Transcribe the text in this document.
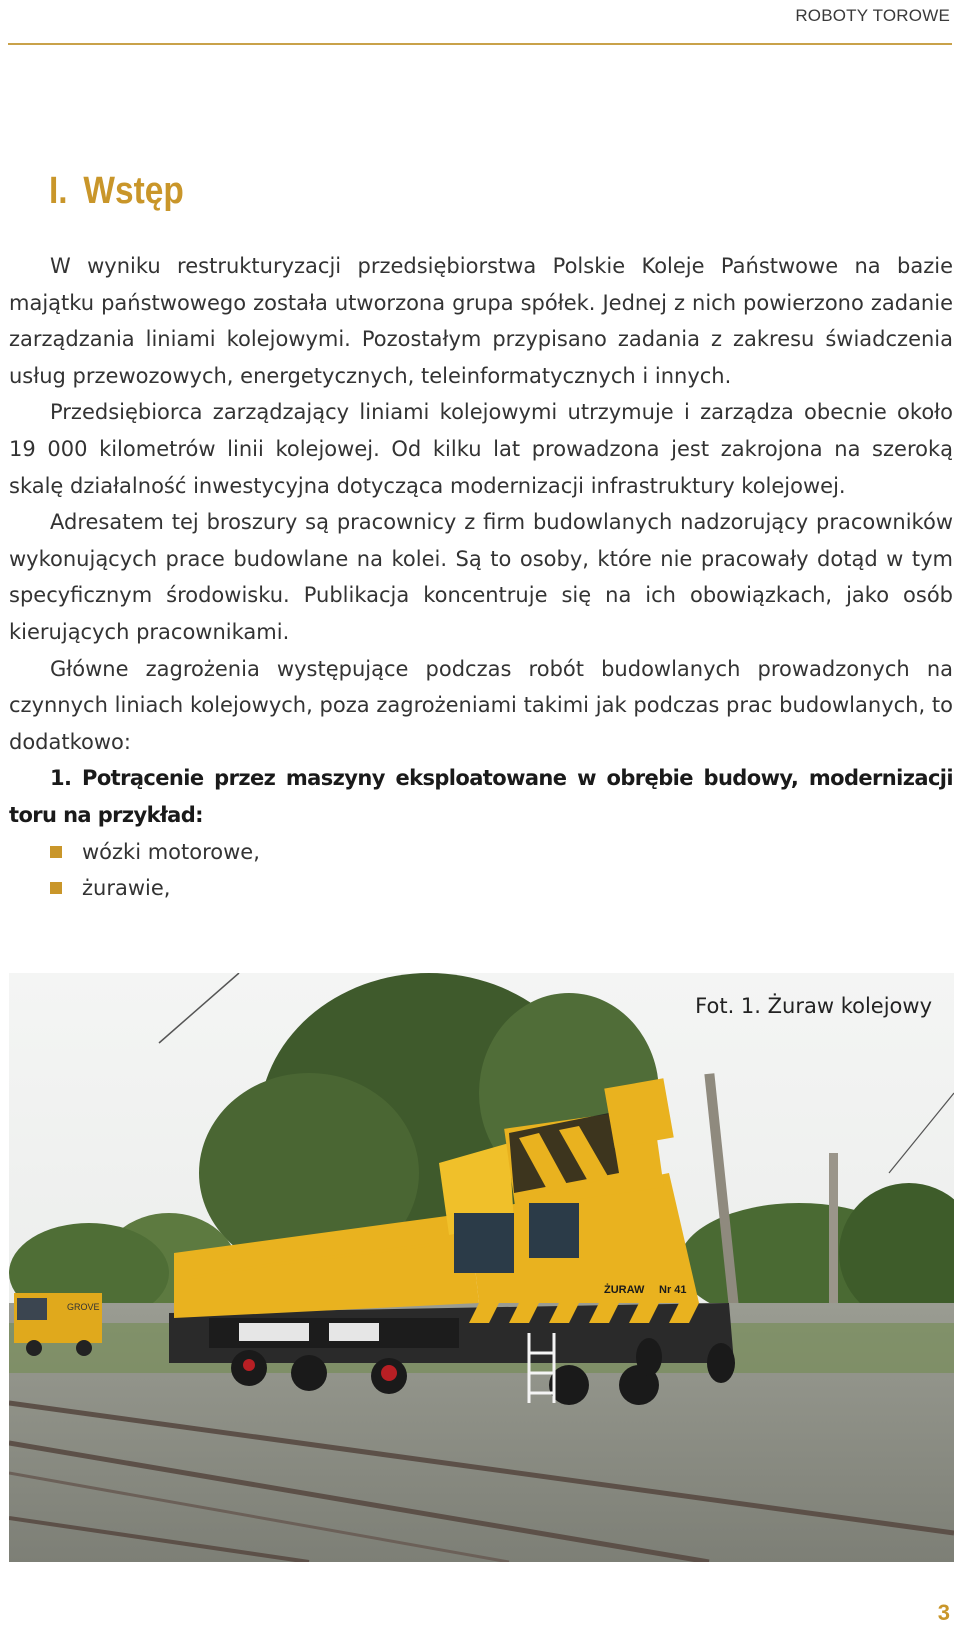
ROBOTY TOROWE
I. Wstęp

W wyniku restrukturyzacji przedsiębiorstwa Polskie Koleje Państwowe na bazie majątku państwowego została utworzona grupa spółek. Jednej z nich powierzono zadanie zarządzania liniami kolejowymi. Pozostałym przypisano zadania z zakresu świadczenia usług przewozowych, energetycznych, teleinformatycznych i innych.

Przedsiębiorca zarządzający liniami kolejowymi utrzymuje i zarządza obecnie około 19 000 kilometrów linii kolejowej. Od kilku lat prowadzona jest zakrojona na szeroką skalę działalność inwestycyjna dotycząca modernizacji infrastruktury kolejowej.

Adresatem tej broszury są pracownicy z firm budowlanych nadzorujący pracowników wykonujących prace budowlane na kolei. Są to osoby, które nie pracowały dotąd w tym specyficznym środowisku. Publikacja koncentruje się na ich obowiązkach, jako osób kierujących pracownikami.

Główne zagrożenia występujące podczas robót budowlanych prowadzonych na czynnych liniach kolejowych, poza zagrożeniami takimi jak podczas prac budowlanych, to dodatkowo:

1. Potrącenie przez maszyny eksploatowane w obrębie budowy, modernizacji toru na przykład:

wózki motorowe,
żurawie,
GROVE
ŻURAW Nr 41
Fot. 1. Żuraw kolejowy
3
